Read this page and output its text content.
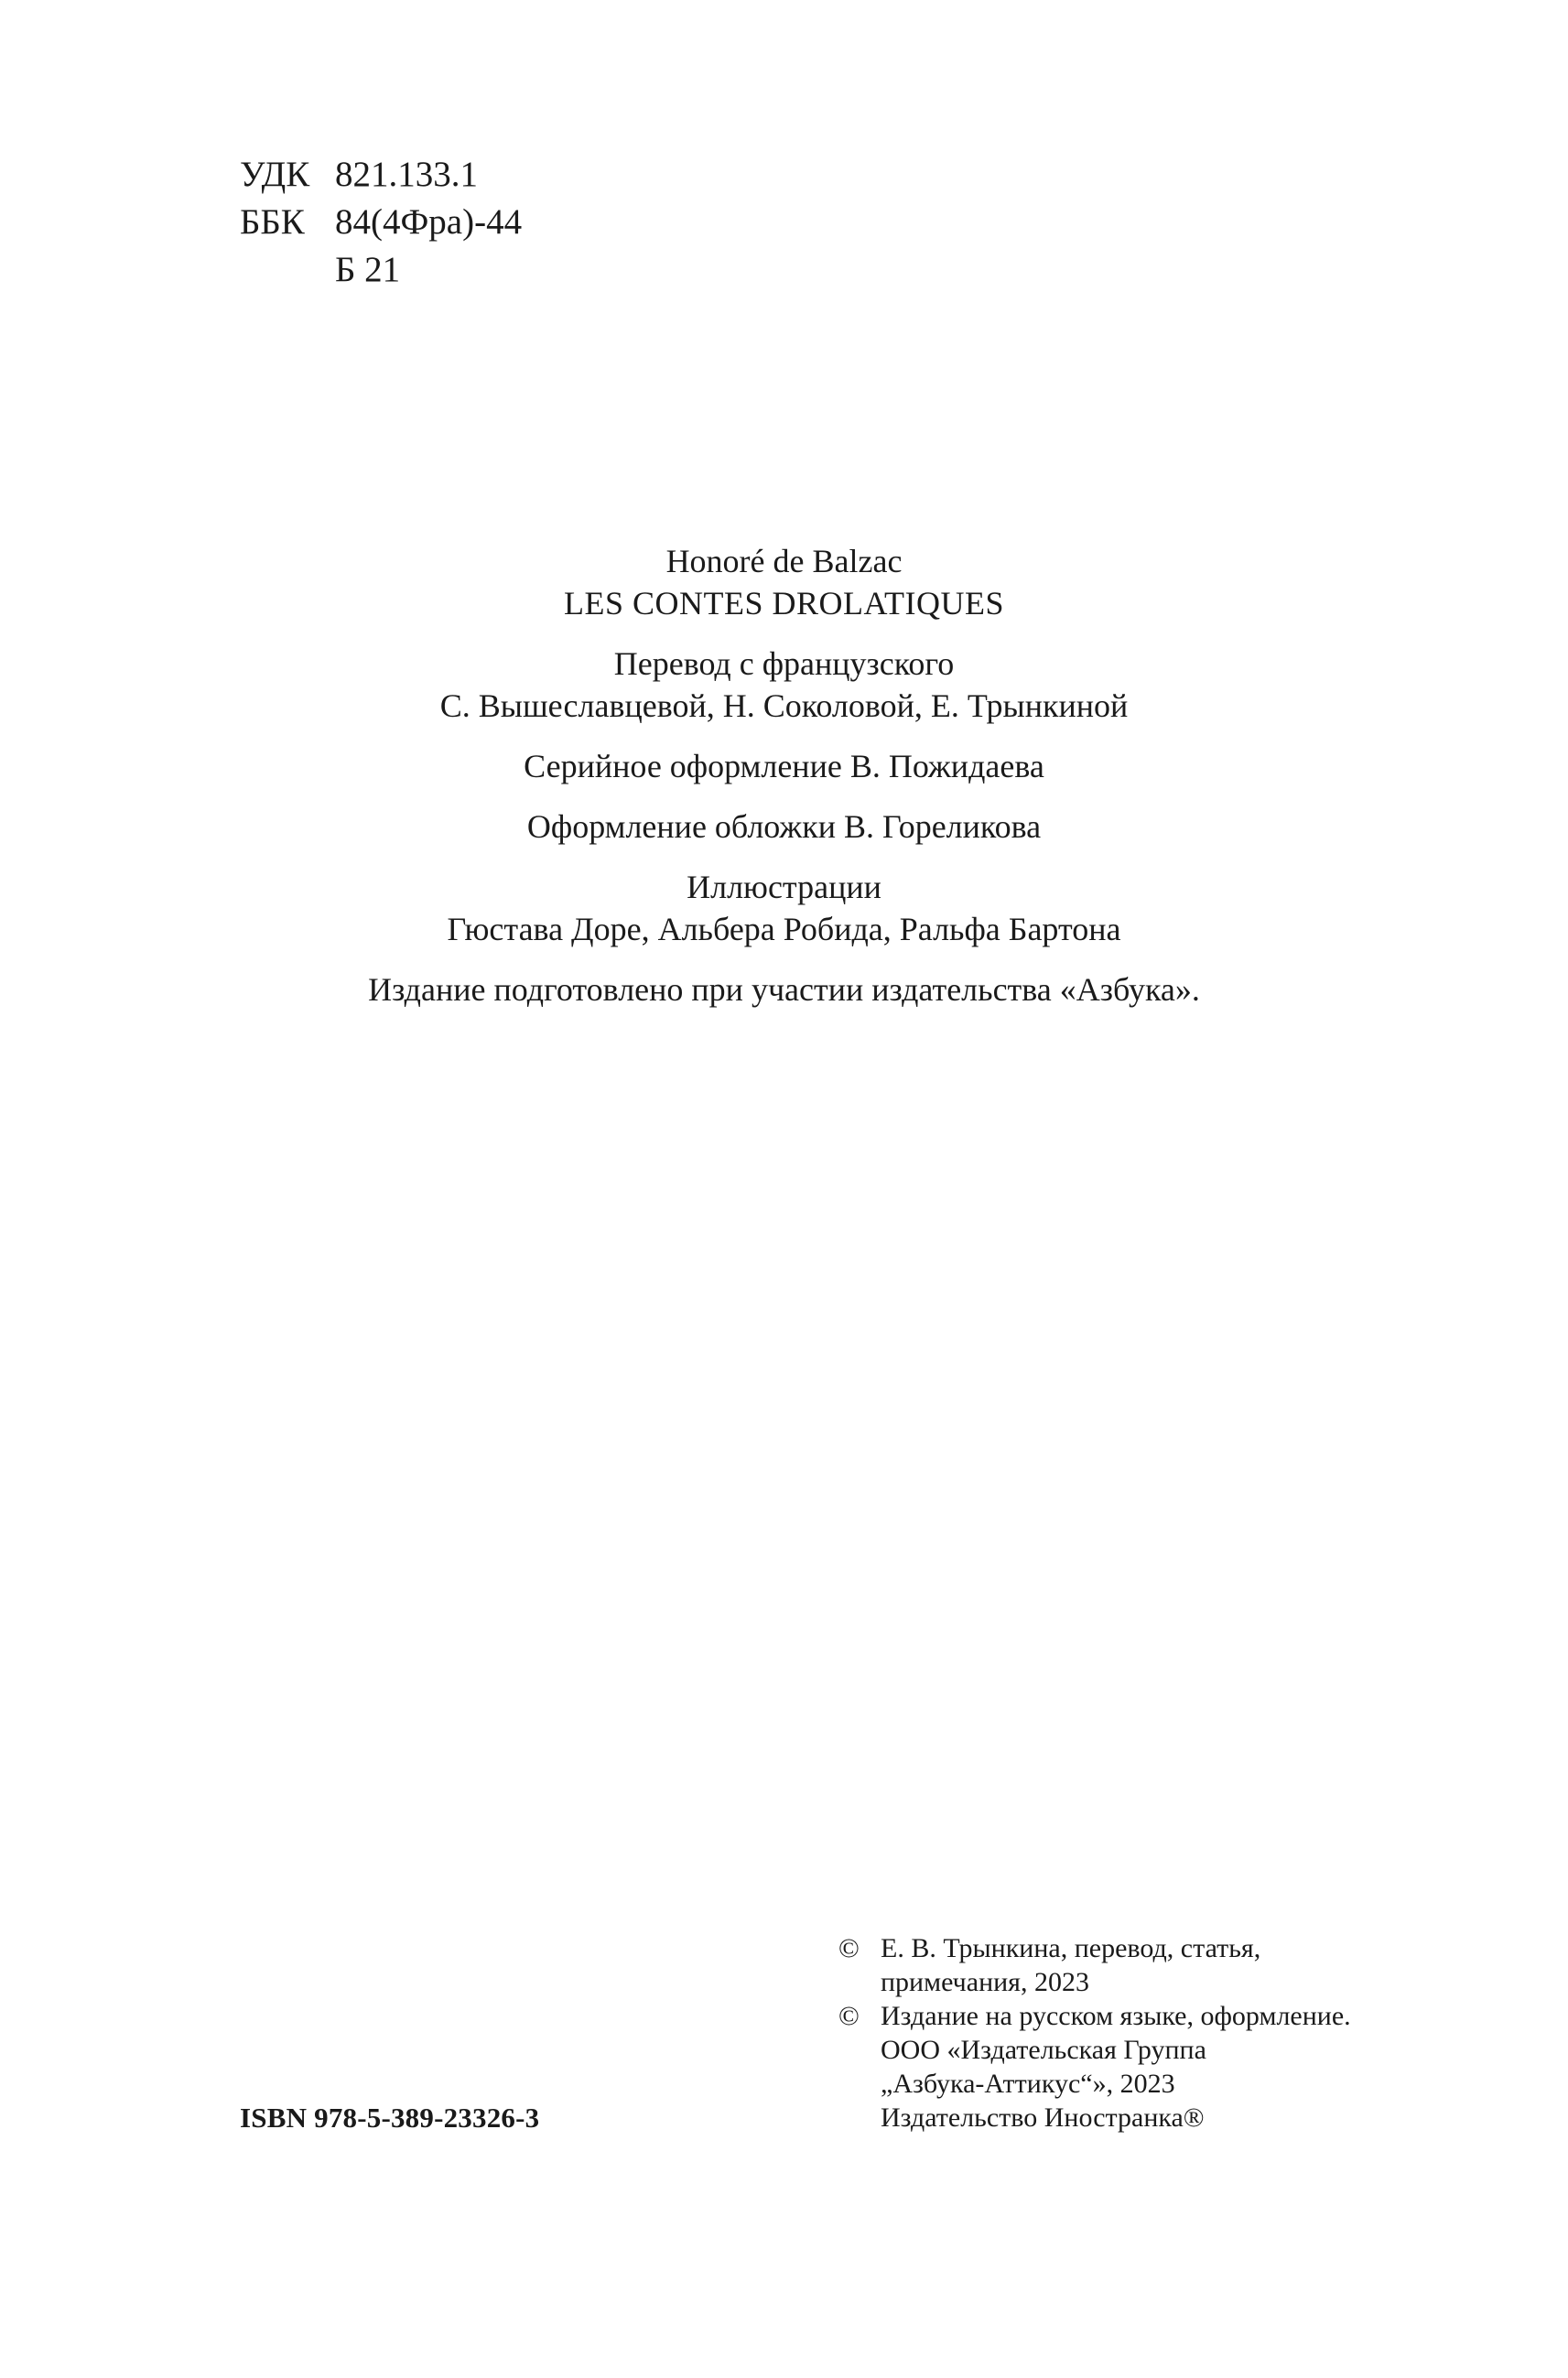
УДК 821.133.1
ББК 84(4Фра)-44
Б 21
Honoré de Balzac
LES CONTES DROLATIQUES
Перевод с французского
С. Вышеславцевой, Н. Соколовой, Е. Трынкиной
Серийное оформление В. Пожидаева
Оформление обложки В. Гореликова
Иллюстрации
Гюстава Доре, Альбера Робида, Ральфа Бартона
Издание подготовлено при участии издательства «Азбука».
ISBN 978-5-389-23326-3
© Е. В. Трынкина, перевод, статья,
примечания, 2023
© Издание на русском языке, оформление.
ООО «Издательская Группа
„Азбука-Аттикус“», 2023
Издательство Иностранка®
